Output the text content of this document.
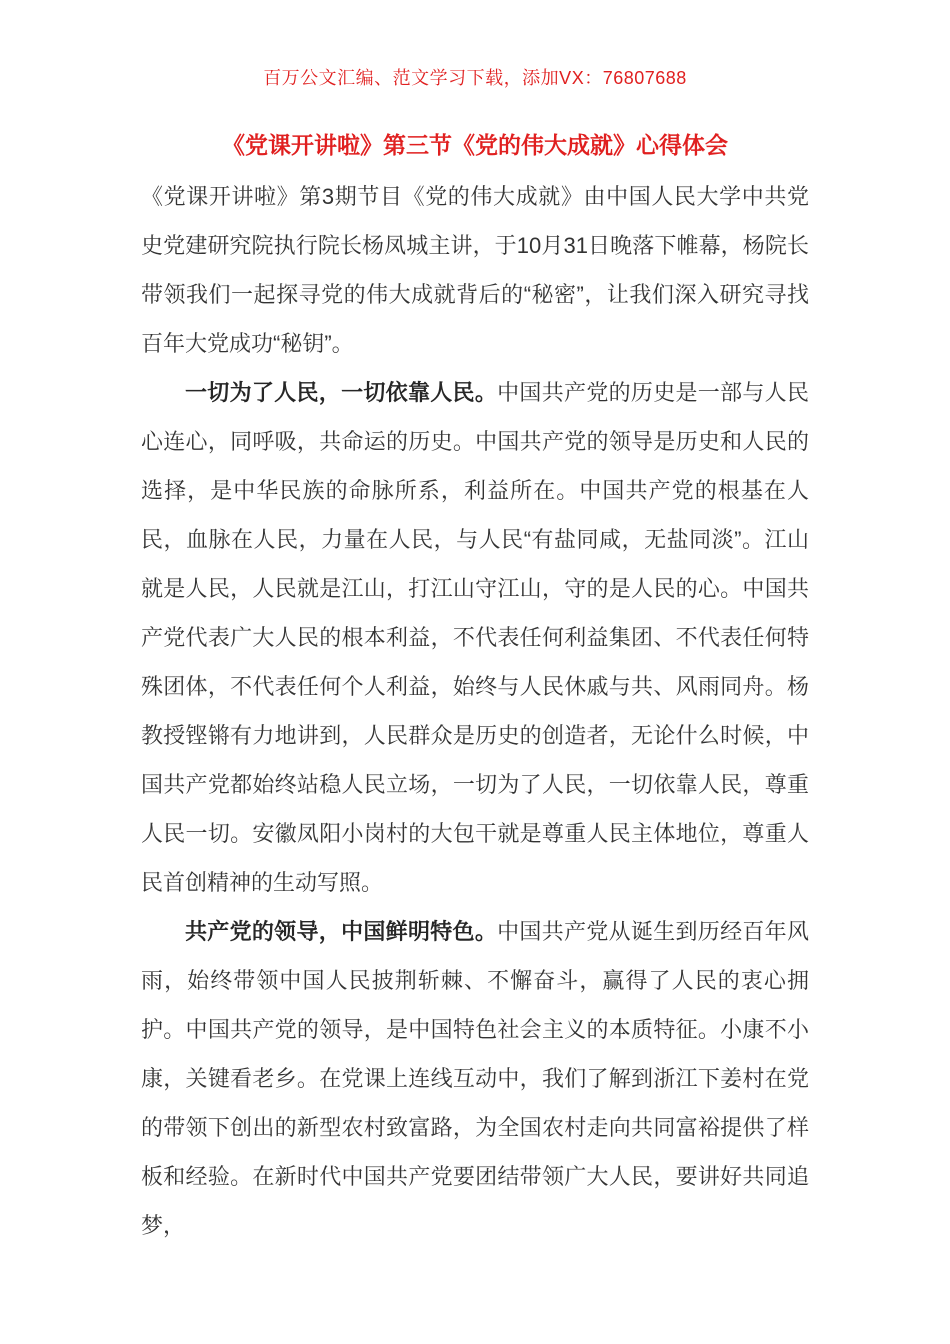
百万公文汇编、范文学习下载，添加VX：76807688
《党课开讲啦》第三节《党的伟大成就》心得体会

《党课开讲啦》第3期节目《党的伟大成就》由中国人民大学中共党史党建研究院执行院长杨凤城主讲，于10月31日晚落下帷幕，杨院长带领我们一起探寻党的伟大成就背后的“秘密”，让我们深入研究寻找百年大党成功“秘钥”。

一切为了人民，一切依靠人民。中国共产党的历史是一部与人民心连心，同呼吸，共命运的历史。中国共产党的领导是历史和人民的选择，是中华民族的命脉所系，利益所在。中国共产党的根基在人民，血脉在人民，力量在人民，与人民“有盐同咸，无盐同淡”。江山就是人民，人民就是江山，打江山守江山，守的是人民的心。中国共产党代表广大人民的根本利益，不代表任何利益集团、不代表任何特殊团体，不代表任何个人利益，始终与人民休戚与共、风雨同舟。杨教授铿锵有力地讲到，人民群众是历史的创造者，无论什么时候，中国共产党都始终站稳人民立场，一切为了人民，一切依靠人民，尊重人民一切。安徽凤阳小岗村的大包干就是尊重人民主体地位，尊重人民首创精神的生动写照。

共产党的领导，中国鲜明特色。中国共产党从诞生到历经百年风雨，始终带领中国人民披荆斩棘、不懈奋斗，赢得了人民的衷心拥护。中国共产党的领导，是中国特色社会主义的本质特征。小康不小康，关键看老乡。在党课上连线互动中，我们了解到浙江下姜村在党的带领下创出的新型农村致富路，为全国农村走向共同富裕提供了样板和经验。在新时代中国共产党要团结带领广大人民，要讲好共同追梦，
